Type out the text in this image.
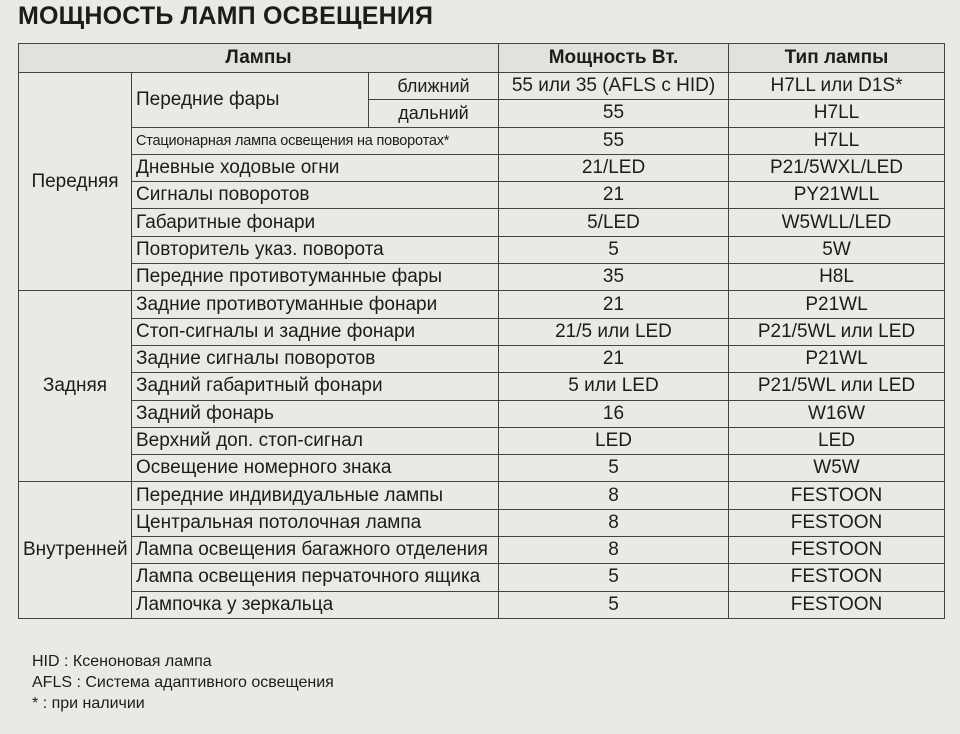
МОЩНОСТЬ ЛАМП ОСВЕЩЕНИЯ
Лампы			Мощность Вт.	Тип лампы
Передняя	Передние фары	ближний	55 или 35 (AFLS с HID)	H7LL или D1S*
		дальний	55	H7LL
	Стационарная лампа освещения на поворотах*		55	H7LL
	Дневные ходовые огни		21/LED	P21/5WXL/LED
	Сигналы поворотов		21	PY21WLL
	Габаритные фонари		5/LED	W5WLL/LED
	Повторитель указ. поворота		5	5W
	Передние противотуманные фары		35	H8L
Задняя	Задние противотуманные фонари		21	P21WL
	Стоп-сигналы и задние фонари		21/5 или LED	P21/5WL или LED
	Задние сигналы поворотов		21	P21WL
	Задний габаритный фонари		5 или LED	P21/5WL или LED
	Задний фонарь		16	W16W
	Верхний доп. стоп-сигнал		LED	LED
	Освещение номерного знака		5	W5W
Внутренней	Передние индивидуальные лампы		8	FESTOON
	Центральная потолочная лампа		8	FESTOON
	Лампа освещения багажного отделения		8	FESTOON
	Лампа освещения перчаточного ящика		5	FESTOON
	Лампочка у зеркальца		5	FESTOON
HID : Ксеноновая лампа
AFLS : Система адаптивного освещения
* : при наличии
